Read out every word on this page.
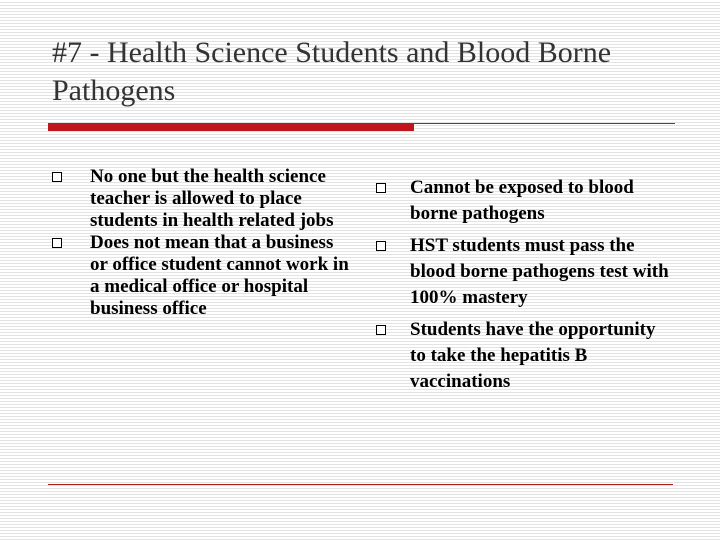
#7 - Health Science Students and Blood Borne Pathogens
No one but the health science teacher is allowed to place students in health related jobs
Does not mean that a business or office student cannot work in a medical office or hospital business office
Cannot be exposed to blood borne pathogens
HST students must pass the blood borne pathogens test with 100% mastery
Students have the opportunity to take the hepatitis B vaccinations
